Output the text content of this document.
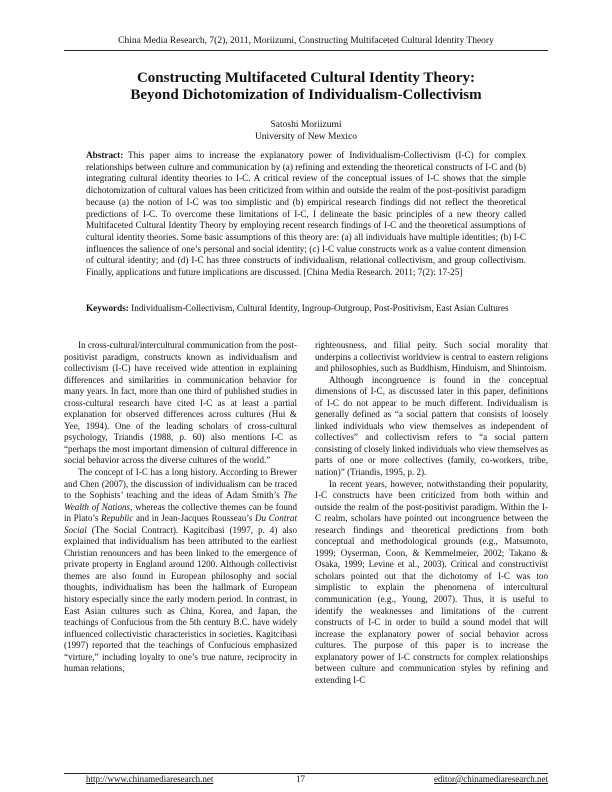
China Media Research, 7(2), 2011, Moriizumi, Constructing Multifaceted Cultural Identity Theory
Constructing Multifaceted Cultural Identity Theory:
Beyond Dichotomization of Individualism-Collectivism
Satoshi Moriizumi
University of New Mexico

Abstract: This paper aims to increase the explanatory power of Individualism-Collectivism (I-C) for complex relationships between culture and communication by (a) refining and extending the theoretical constructs of I-C and (b) integrating cultural identity theories to I-C. A critical review of the conceptual issues of I-C shows that the simple dichotomization of cultural values has been criticized from within and outside the realm of the post-positivist paradigm because (a) the notion of I-C was too simplistic and (b) empirical research findings did not reflect the theoretical predictions of I-C. To overcome these limitations of I-C, I delineate the basic principles of a new theory called Multifaceted Cultural Identity Theory by employing recent research findings of I-C and the theoretical assumptions of cultural identity theories. Some basic assumptions of this theory are: (a) all individuals have multiple identities; (b) I-C influences the salience of one’s personal and social identity; (c) I-C value constructs work as a value content dimension of cultural identity; and (d) I-C has three constructs of individualism, relational collectivism, and group collectivism. Finally, applications and future implications are discussed. [China Media Research. 2011; 7(2): 17-25]

Keywords: Individualism-Collectivism, Cultural Identity, Ingroup-Outgroup, Post-Positivism, East Asian Cultures

In cross-cultural/intercultural communication from the post-positivist paradigm, constructs known as individualism and collectivism (I-C) have received wide attention in explaining differences and similarities in communication behavior for many years. In fact, more than one third of published studies in cross-cultural research have cited I-C as at least a partial explanation for observed differences across cultures (Hui & Yee, 1994). One of the leading scholars of cross-cultural psychology, Triandis (1988, p. 60) also mentions I-C as “perhaps the most important dimension of cultural difference in social behavior across the diverse cultures of the world.”

The concept of I-C has a long history. According to Brewer and Chen (2007), the discussion of individualism can be traced to the Sophists’ teaching and the ideas of Adam Smith’s The Wealth of Nations, whereas the collective themes can be found in Plato’s Republic and in Jean-Jacques Rousseau’s Du Contrat Social (The Social Contract). Kagitcibasi (1997, p. 4) also explained that individualism has been attributed to the earliest Christian renouncers and has been linked to the emergence of private property in England around 1200. Although collectivist themes are also found in European philosophy and social thoughts, individualism has been the hallmark of European history especially since the early modern period. In contrast, in East Asian cultures such as China, Korea, and Japan, the teachings of Confucious from the 5th century B.C. have widely influenced collectivistic characteristics in societies. Kagitcibasi (1997) reported that the teachings of Confucious emphasized “virture,” including loyalty to one’s true nature, reciprocity in human relations,

righteousness, and filial peity. Such social morality that underpins a collectivist worldview is central to eastern religions and philosophies, such as Buddhism, Hinduism, and Shintoism.

Although incongruence is found in the conceptual dimensions of I-C, as discussed later in this paper, definitions of I-C do not appear to be much different. Individualism is generally defined as “a social pattern that consists of loosely linked individuals who view themselves as independent of collectives” and collectivism refers to “a social pattern consisting of closely linked individuals who view themselves as parts of one or more collectives (family, co-workers, tribe, nation)” (Triandis, 1995, p. 2).

In recent years, however, notwithstanding their popularity, I-C constructs have been criticized from both within and outside the realm of the post-positivist paradigm. Within the I-C realm, scholars have pointed out incongruence between the research findings and theoretical predictions from both conceptual and methodological grounds (e.g., Matsumoto, 1999; Oyserman, Coon, & Kemmelmeier, 2002; Takano & Osaka, 1999; Levine et al., 2003). Critical and constructivist scholars pointed out that the dichotomy of I-C was too simplistic to explain the phenomena of intercultural communication (e.g., Young, 2007). Thus, it is useful to identify the weaknesses and limitations of the current constructs of I-C in order to build a sound model that will increase the explanatory power of social behavior across cultures. The purpose of this paper is to increase the explanatory power of I-C constructs for complex relationships between culture and communication styles by refining and extending I-C

http://www.chinamediaresearch.net	17	editor@chinamediaresearch.net
